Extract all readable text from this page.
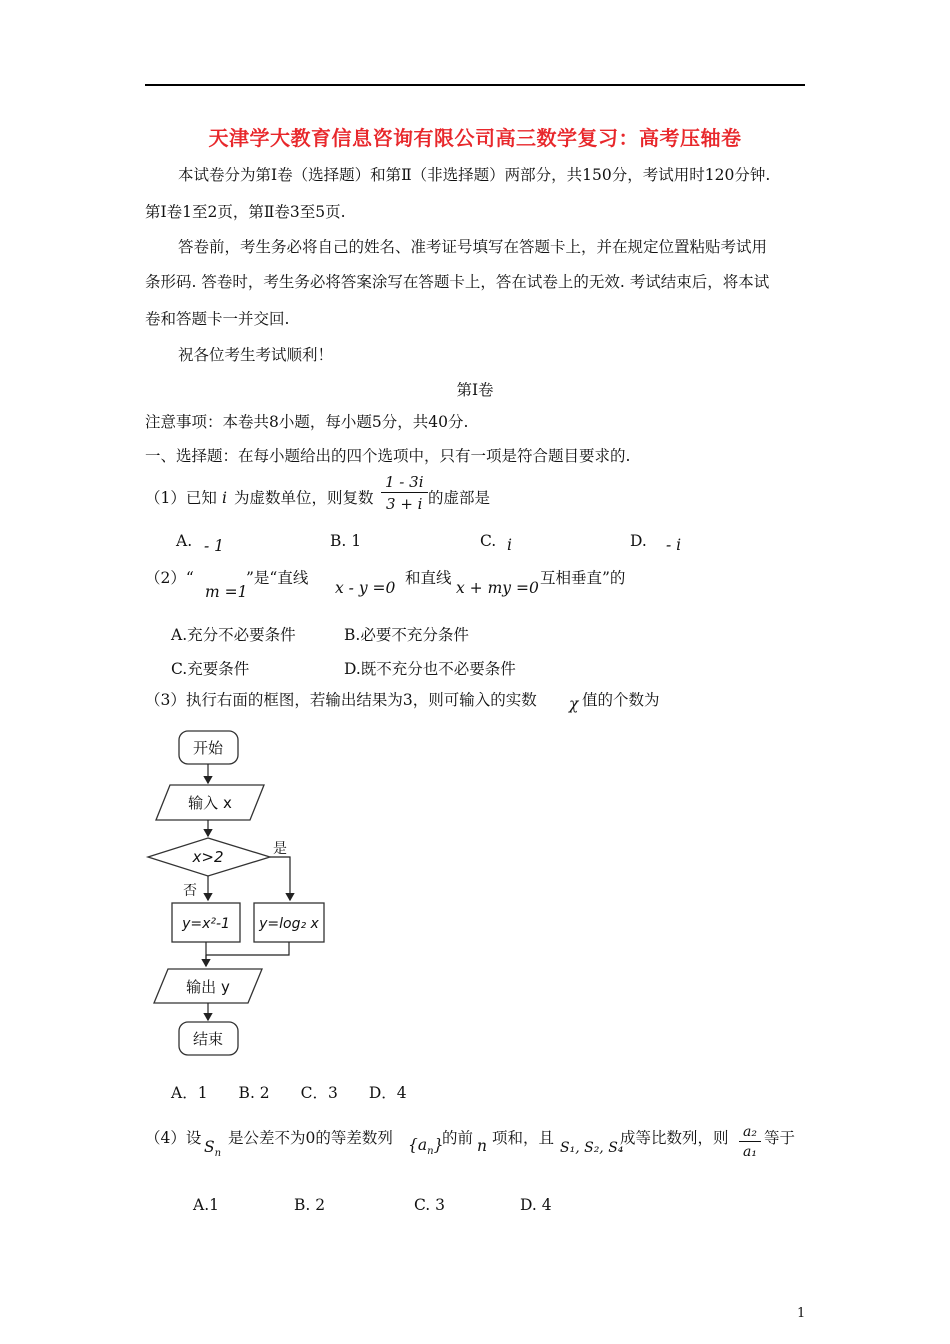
天津学大教育信息咨询有限公司高三数学复习：高考压轴卷
本试卷分为第Ⅰ卷（选择题）和第Ⅱ（非选择题）两部分，共150分，考试用时120分钟.
第Ⅰ卷1至2页，第Ⅱ卷3至5页.
答卷前，考生务必将自己的姓名、准考证号填写在答题卡上，并在规定位置粘贴考试用
条形码. 答卷时，考生务必将答案涂写在答题卡上，答在试卷上的无效. 考试结束后，将本试
卷和答题卡一并交回.
祝各位考生考试顺利！
第Ⅰ卷
注意事项：本卷共8小题，每小题5分，共40分.
一、选择题：在每小题给出的四个选项中，只有一项是符合题目要求的.
（1）已知 i 为虚数单位，则复数 $\frac{1 - 3i}{3 + i}$ 的虚部是
A. - 1	B. 1	C. i	D. - i
（2）“
m =1
”是“直线
x - y =0
和直线
x + my =0
互相垂直”的
A.充分不必要条件	B.必要不充分条件
C.充要条件	D.既不充分也不必要条件
（3）执行右面的框图，若输出结果为3，则可输入的实数 χ 值的个数为
开始
输入 x
x>2	是
否
y=x²-1 y=log₂ x
输出 y
结束
A．1　　B. 2　　C．3　　D．4
（4）设 $S_n$
是公差不为0的等差数列 $\{a_n\}$
的前 n 项和，且
S₁, S₂, S₄
成等比数列，则 $\frac{\text{a₂}}{\text{a₁}}$ 等于
A.1	B. 2	C. 3	D. 4
1
